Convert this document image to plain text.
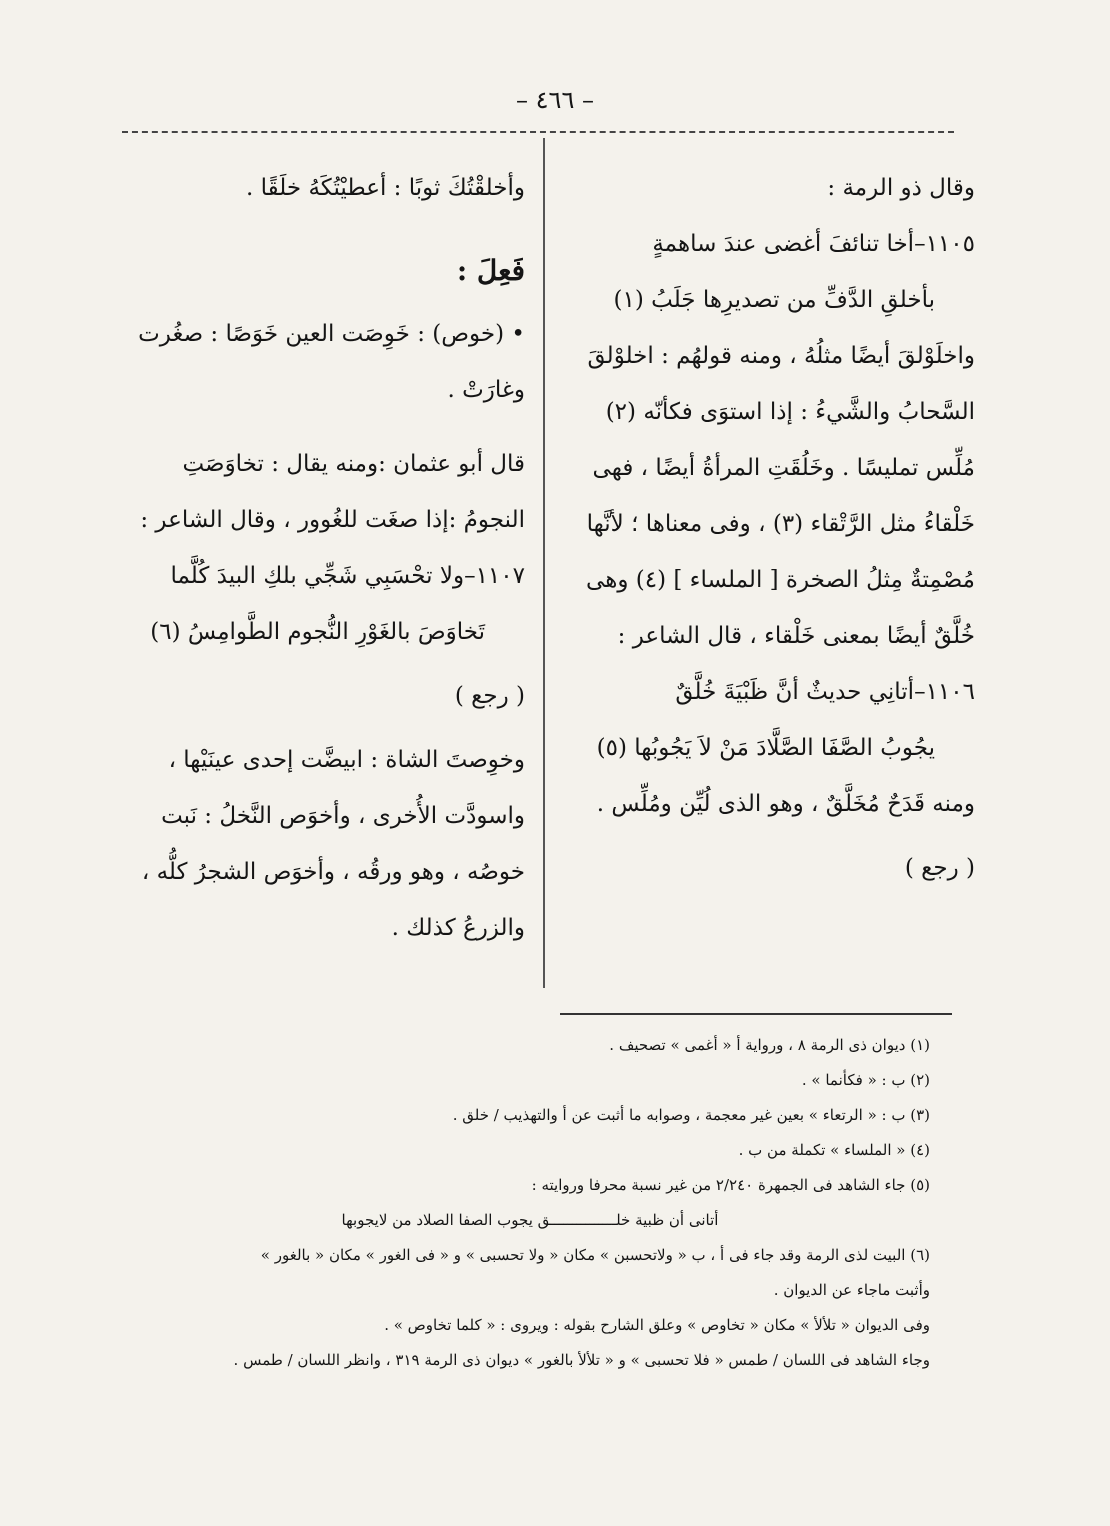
– ٤٦٦ –

وقال ذو الرمة :

١١٠٥–أخا تنائفَ أغضى عندَ ساهمةٍ
بأخلقِ الدَّفِّ من تصديرِها جَلَبُ (١)

واخلَوْلقَ أيضًا مثلُهُ ، ومنه قولهُم : اخلوْلقَ السَّحابُ والشَّيءُ : إذا استوَى فكأنّه (٢) مُلِّس تمليسًا . وخَلُقَتِ المرأةُ أيضًا ، فهى خَلْقاءُ مثل الرَّتْقاء (٣) ، وفى معناها ؛ لأنَّها مُصْمِتةٌ مِثلُ الصخرة [ الملساء ] (٤) وهى خُلَّقٌ أيضًا بمعنى خَلْقاء ، قال الشاعر :

١١٠٦–أتانِي حديثٌ أنَّ ظَبْيَةَ خُلَّقٌ
يجُوبُ الصَّفَا الصَّلَّادَ مَنْ لاَ يَجُوبُها (٥)

ومنه قَدَحٌ مُخَلَّقٌ ، وهو الذى لُيِّن ومُلِّس .

( رجع )

وأخلقْتُكَ ثوبًا : أعطيْتُكَهُ خلَقًا .

فَعِلَ :

• (خوص) : خَوِصَت العين خَوَصًا : صغُرت وغارَتْ .

قال أبو عثمان :ومنه يقال : تخاوَصَتِ النجومُ :إذا صغَت للغُوور ، وقال الشاعر :

١١٠٧–ولا تحْسَبِي شَجِّي بلكِ البيدَ كُلَّما
تَخاوَصَ بالغَوْرِ النُّجوم الطَّوامِسُ (٦)

( رجع )

وخوِصتَ الشاة : ابيضَّت إحدى عينَيْها ، واسودَّت الأُخرى ، وأخوَص النَّخلُ : نَبت خوصُه ، وهو ورقُه ، وأخوَص الشجرُ كلُّه ، والزرعُ كذلك .

(١) ديوان ذى الرمة ٨ ، ورواية أ « أغمى » تصحيف .

(٢) ب : « فكأنما » .

(٣) ب : « الرتعاء » بعين غير معجمة ، وصوابه ما أثبت عن أ والتهذيب / خلق .

(٤) « الملساء » تكملة من ب .

(٥) جاء الشاهد فى الجمهرة ٢/٢٤٠ من غير نسبة محرفا وروايته :

أتانى أن ظبية خلـــــــــــــــق يجوب الصفا الصلاد من لايجوبها

(٦) البيت لذى الرمة وقد جاء فى أ ، ب « ولاتحسبن » مكان « ولا تحسبى » و « فى الغور » مكان « بالغور »

وأثبت ماجاء عن الديوان .

وفى الديوان « تلألأ » مكان « تخاوص » وعلق الشارح بقوله : ويروى : « كلما تخاوص » .

وجاء الشاهد فى اللسان / طمس « فلا تحسبى » و « تلألأ بالغور » ديوان ذى الرمة ٣١٩ ، وانظر اللسان / طمس .
